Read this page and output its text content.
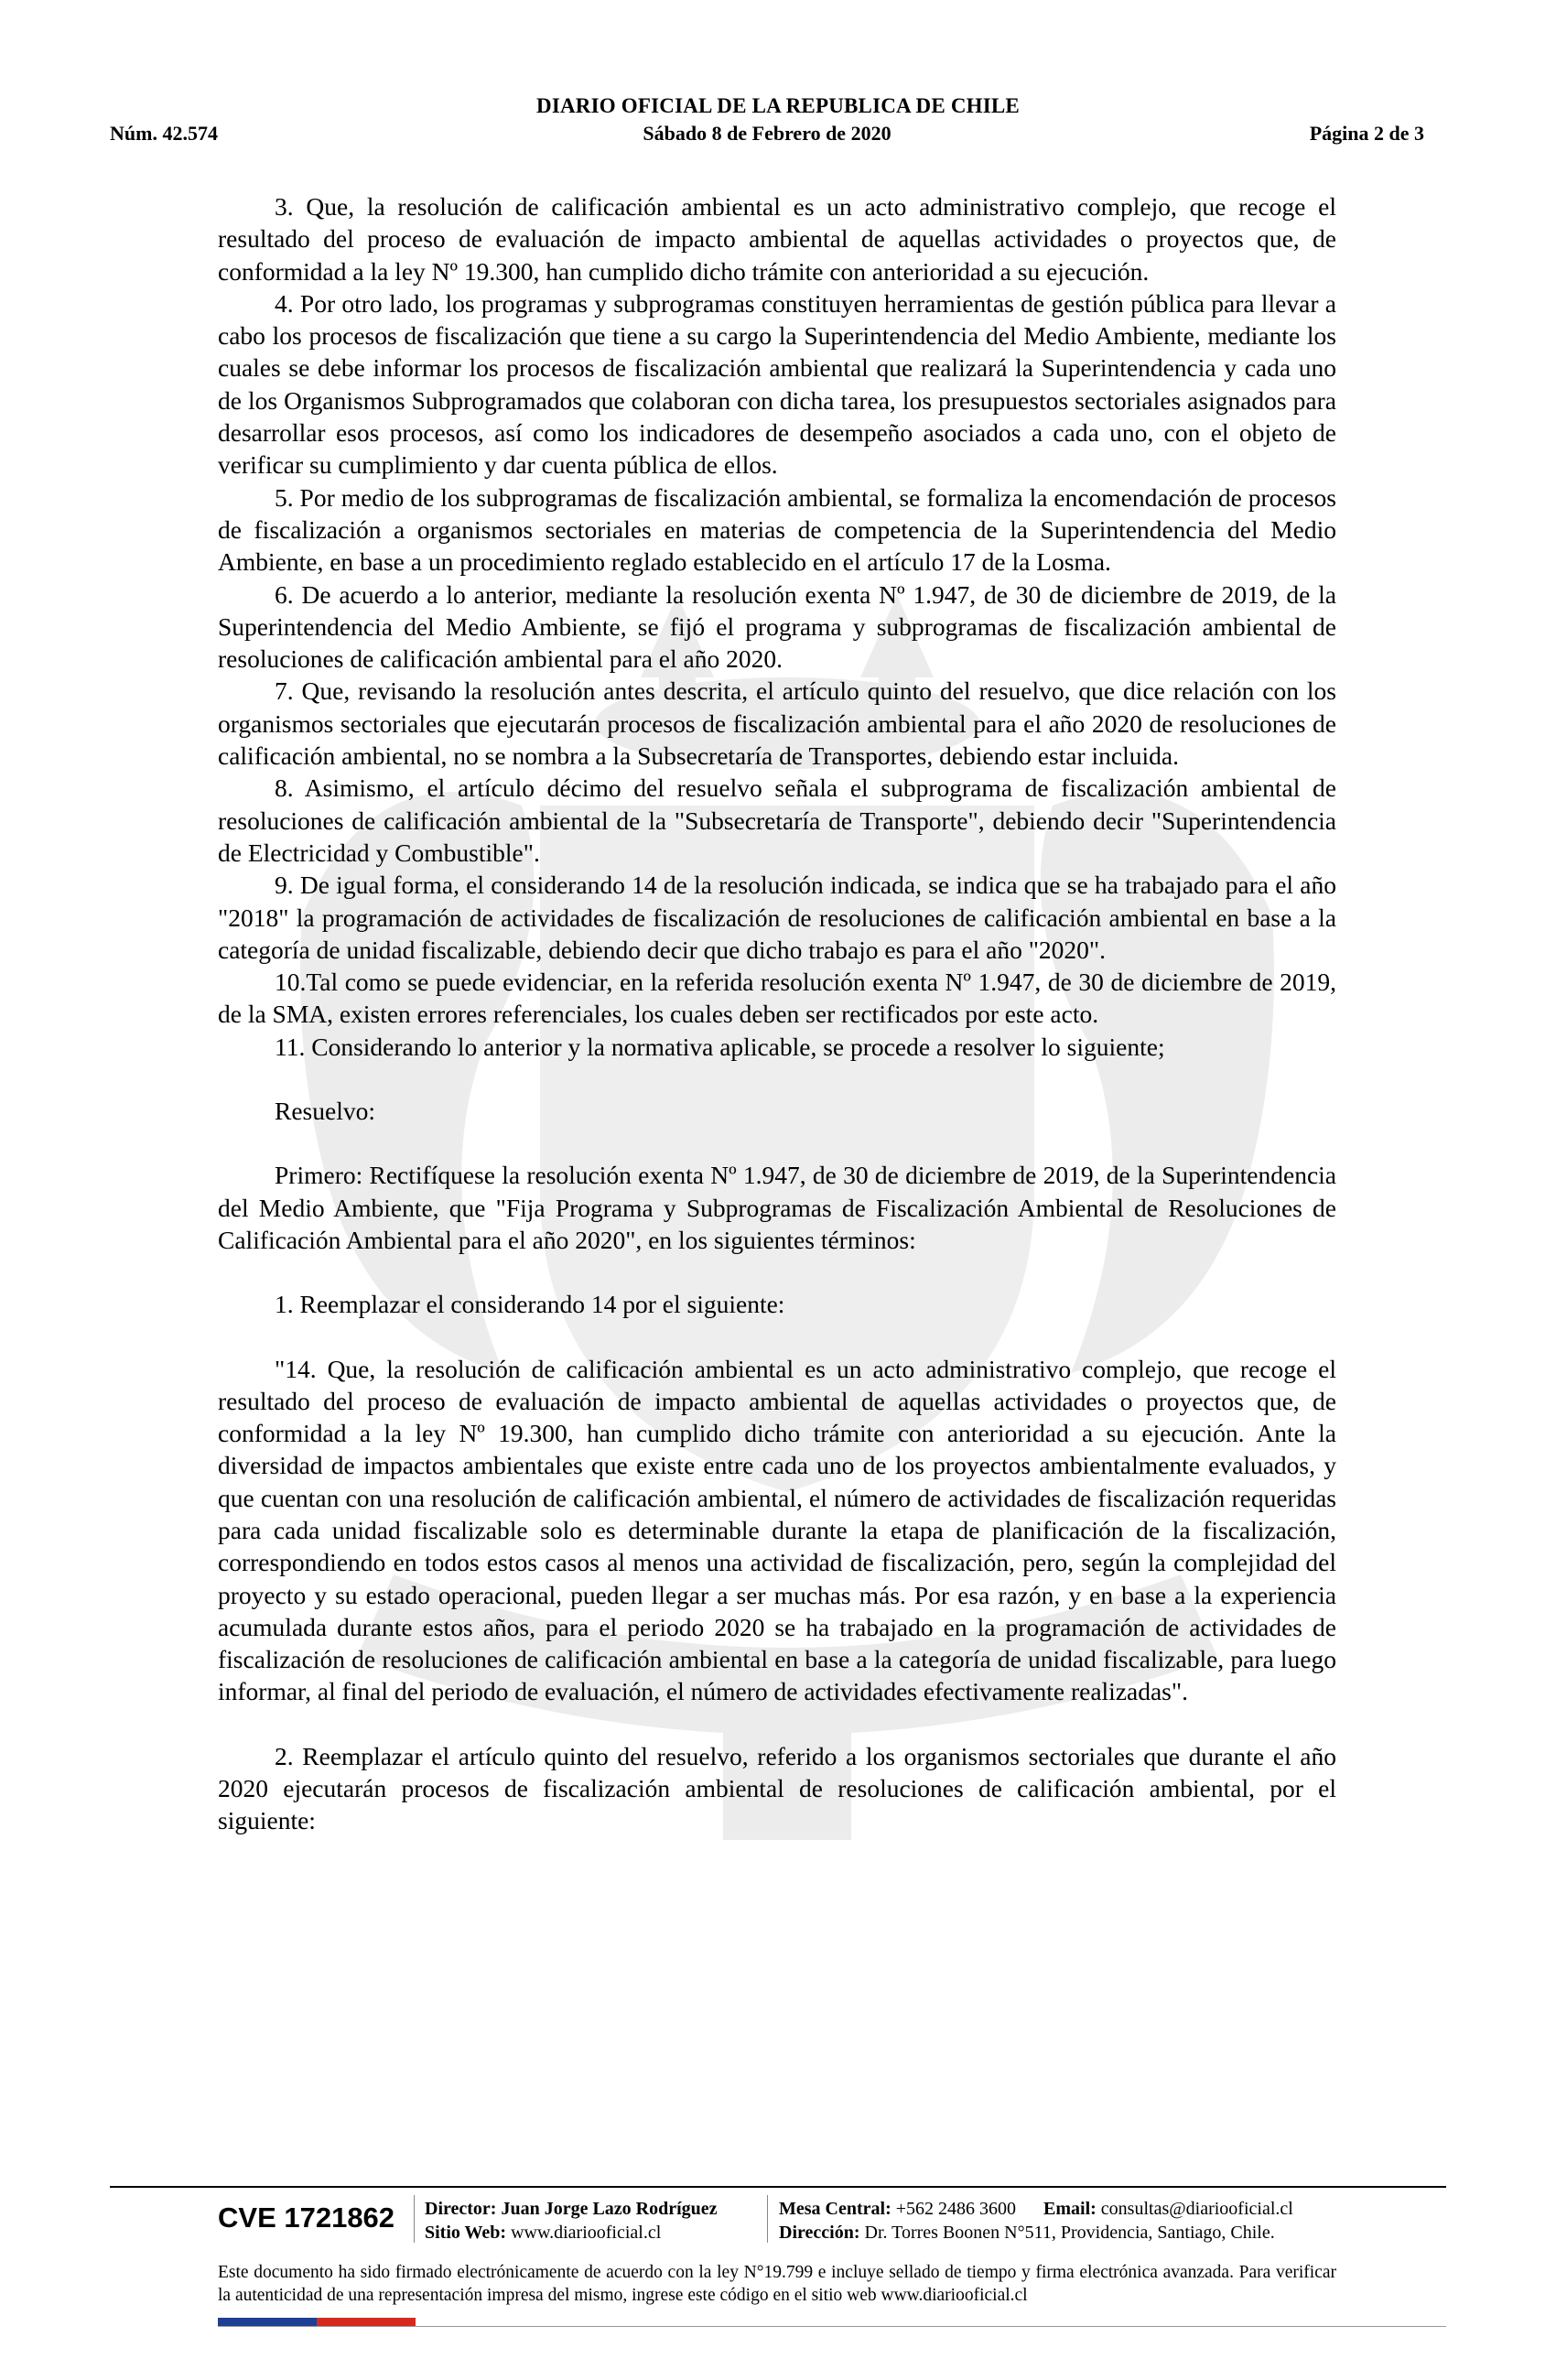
DIARIO OFICIAL DE LA REPUBLICA DE CHILE
Sábado 8 de Febrero de 2020
Núm. 42.574	Página 2 de 3

3. Que, la resolución de calificación ambiental es un acto administrativo complejo, que recoge el resultado del proceso de evaluación de impacto ambiental de aquellas actividades o proyectos que, de conformidad a la ley Nº 19.300, han cumplido dicho trámite con anterioridad a su ejecución.

4. Por otro lado, los programas y subprogramas constituyen herramientas de gestión pública para llevar a cabo los procesos de fiscalización que tiene a su cargo la Superintendencia del Medio Ambiente, mediante los cuales se debe informar los procesos de fiscalización ambiental que realizará la Superintendencia y cada uno de los Organismos Subprogramados que colaboran con dicha tarea, los presupuestos sectoriales asignados para desarrollar esos procesos, así como los indicadores de desempeño asociados a cada uno, con el objeto de verificar su cumplimiento y dar cuenta pública de ellos.

5. Por medio de los subprogramas de fiscalización ambiental, se formaliza la encomendación de procesos de fiscalización a organismos sectoriales en materias de competencia de la Superintendencia del Medio Ambiente, en base a un procedimiento reglado establecido en el artículo 17 de la Losma.

6. De acuerdo a lo anterior, mediante la resolución exenta Nº 1.947, de 30 de diciembre de 2019, de la Superintendencia del Medio Ambiente, se fijó el programa y subprogramas de fiscalización ambiental de resoluciones de calificación ambiental para el año 2020.

7. Que, revisando la resolución antes descrita, el artículo quinto del resuelvo, que dice relación con los organismos sectoriales que ejecutarán procesos de fiscalización ambiental para el año 2020 de resoluciones de calificación ambiental, no se nombra a la Subsecretaría de Transportes, debiendo estar incluida.

8. Asimismo, el artículo décimo del resuelvo señala el subprograma de fiscalización ambiental de resoluciones de calificación ambiental de la "Subsecretaría de Transporte", debiendo decir "Superintendencia de Electricidad y Combustible".

9. De igual forma, el considerando 14 de la resolución indicada, se indica que se ha trabajado para el año "2018" la programación de actividades de fiscalización de resoluciones de calificación ambiental en base a la categoría de unidad fiscalizable, debiendo decir que dicho trabajo es para el año "2020".

10.Tal como se puede evidenciar, en la referida resolución exenta Nº 1.947, de 30 de diciembre de 2019, de la SMA, existen errores referenciales, los cuales deben ser rectificados por este acto.

11. Considerando lo anterior y la normativa aplicable, se procede a resolver lo siguiente;

Resuelvo:

Primero: Rectifíquese la resolución exenta Nº 1.947, de 30 de diciembre de 2019, de la Superintendencia del Medio Ambiente, que "Fija Programa y Subprogramas de Fiscalización Ambiental de Resoluciones de Calificación Ambiental para el año 2020", en los siguientes términos:

1. Reemplazar el considerando 14 por el siguiente:

"14. Que, la resolución de calificación ambiental es un acto administrativo complejo, que recoge el resultado del proceso de evaluación de impacto ambiental de aquellas actividades o proyectos que, de conformidad a la ley Nº 19.300, han cumplido dicho trámite con anterioridad a su ejecución. Ante la diversidad de impactos ambientales que existe entre cada uno de los proyectos ambientalmente evaluados, y que cuentan con una resolución de calificación ambiental, el número de actividades de fiscalización requeridas para cada unidad fiscalizable solo es determinable durante la etapa de planificación de la fiscalización, correspondiendo en todos estos casos al menos una actividad de fiscalización, pero, según la complejidad del proyecto y su estado operacional, pueden llegar a ser muchas más. Por esa razón, y en base a la experiencia acumulada durante estos años, para el periodo 2020 se ha trabajado en la programación de actividades de fiscalización de resoluciones de calificación ambiental en base a la categoría de unidad fiscalizable, para luego informar, al final del periodo de evaluación, el número de actividades efectivamente realizadas".

2. Reemplazar el artículo quinto del resuelvo, referido a los organismos sectoriales que durante el año 2020 ejecutarán procesos de fiscalización ambiental de resoluciones de calificación ambiental, por el siguiente:

CVE 1721862	Director: Juan Jorge Lazo Rodríguez
Sitio Web: www.diariooficial.cl
Mesa Central: +562 2486 3600 Email: consultas@diariooficial.cl
Dirección: Dr. Torres Boonen N°511, Providencia, Santiago, Chile.
Este documento ha sido firmado electrónicamente de acuerdo con la ley N°19.799 e incluye sellado de tiempo y firma electrónica avanzada. Para verificar la autenticidad de una representación impresa del mismo, ingrese este código en el sitio web www.diariooficial.cl
